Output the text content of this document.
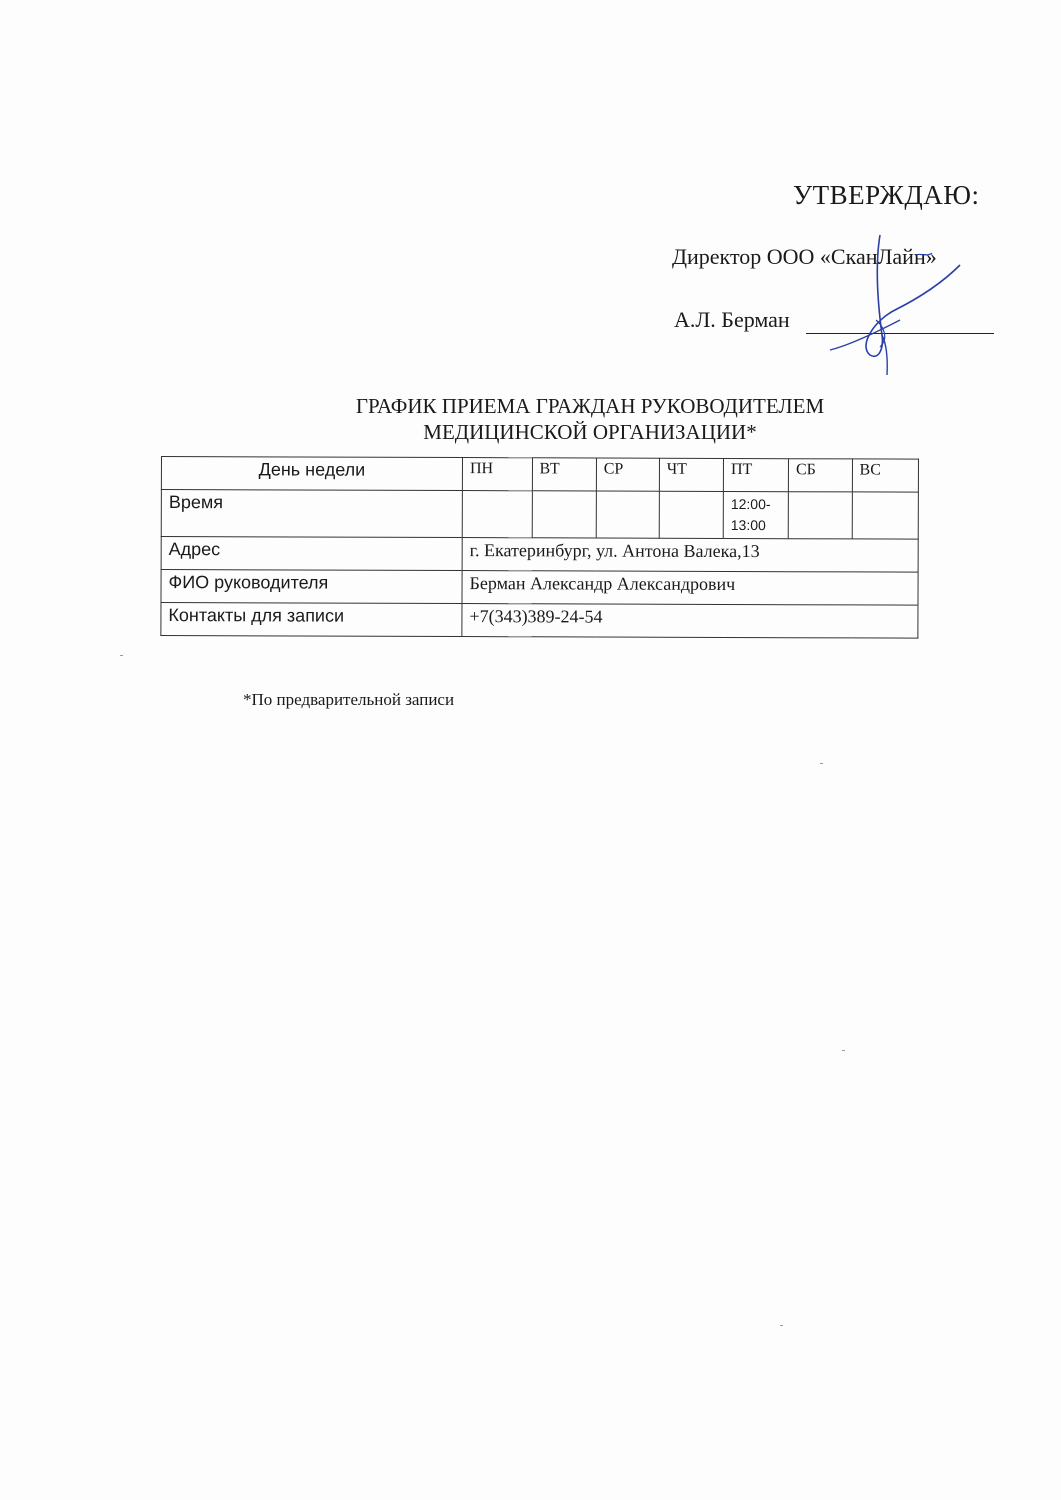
УТВЕРЖДАЮ:
Директор ООО «СканЛайн»
А.Л. Берман
ГРАФИК ПРИЕМА ГРАЖДАН РУКОВОДИТЕЛЕМ
МЕДИЦИНСКОЙ ОРГАНИЗАЦИИ*
День недели	ПН	ВТ	СР	ЧТ	ПТ	СБ	ВС
Время					12:00-13:00		
Адрес	г. Екатеринбург, ул. Антона Валека,13						
ФИО руководителя	Берман Александр Александрович						
Контакты для записи	+7(343)389-24-54						
*По предварительной записи
